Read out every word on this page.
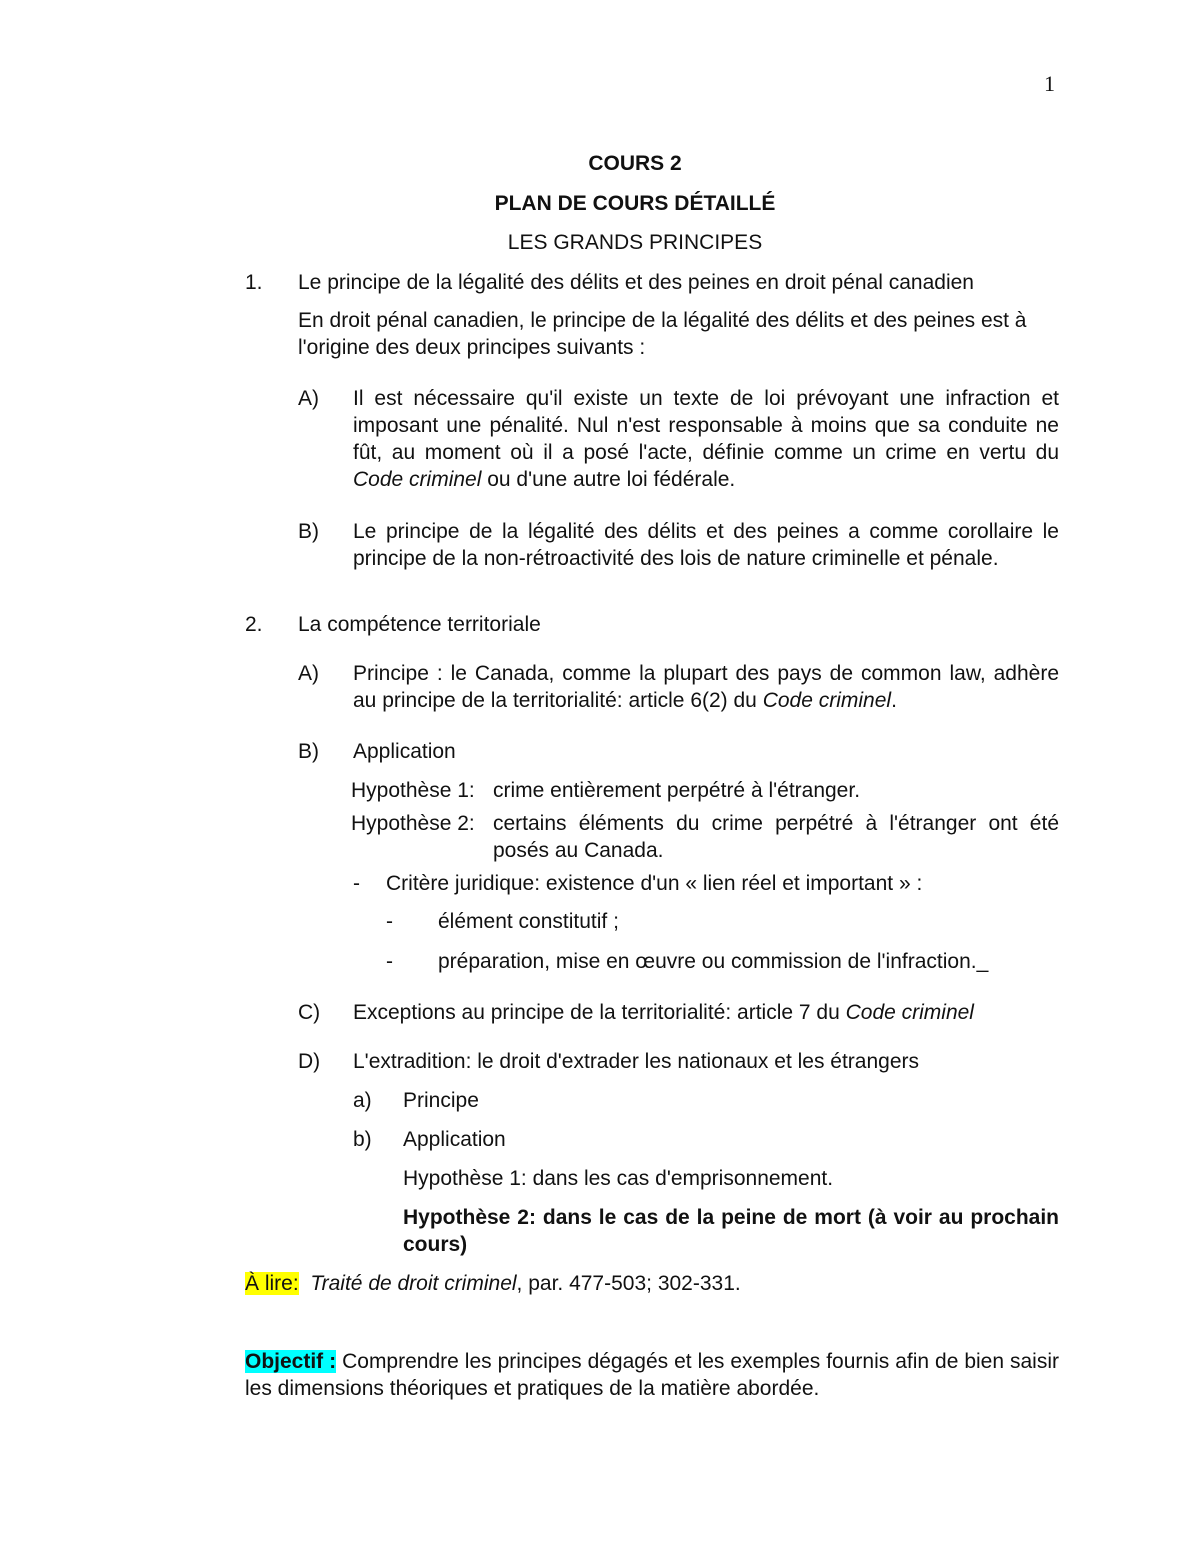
1
COURS 2
PLAN DE COURS DÉTAILLÉ
LES GRANDS PRINCIPES
1. Le principe de la légalité des délits et des peines en droit pénal canadien
En droit pénal canadien, le principe de la légalité des délits et des peines est à l'origine des deux principes suivants :
A) Il est nécessaire qu'il existe un texte de loi prévoyant une infraction et imposant une pénalité. Nul n'est responsable à moins que sa conduite ne fût, au moment où il a posé l'acte, définie comme un crime en vertu du Code criminel ou d'une autre loi fédérale.
B) Le principe de la légalité des délits et des peines a comme corollaire le principe de la non-rétroactivité des lois de nature criminelle et pénale.
2. La compétence territoriale
A) Principe : le Canada, comme la plupart des pays de common law, adhère au principe de la territorialité: article 6(2) du Code criminel.
B) Application
Hypothèse 1: crime entièrement perpétré à l'étranger.
Hypothèse 2: certains éléments du crime perpétré à l'étranger ont été posés au Canada.
- Critère juridique: existence d'un « lien réel et important » :
- élément constitutif ;
- préparation, mise en œuvre ou commission de l'infraction._
C) Exceptions au principe de la territorialité: article 7 du Code criminel
D) L'extradition: le droit d'extrader les nationaux et les étrangers
a) Principe
b) Application
Hypothèse 1: dans les cas d'emprisonnement.
Hypothèse 2: dans le cas de la peine de mort (à voir au prochain cours)
À lire: Traité de droit criminel, par. 477-503; 302-331.
Objectif : Comprendre les principes dégagés et les exemples fournis afin de bien saisir les dimensions théoriques et pratiques de la matière abordée.
